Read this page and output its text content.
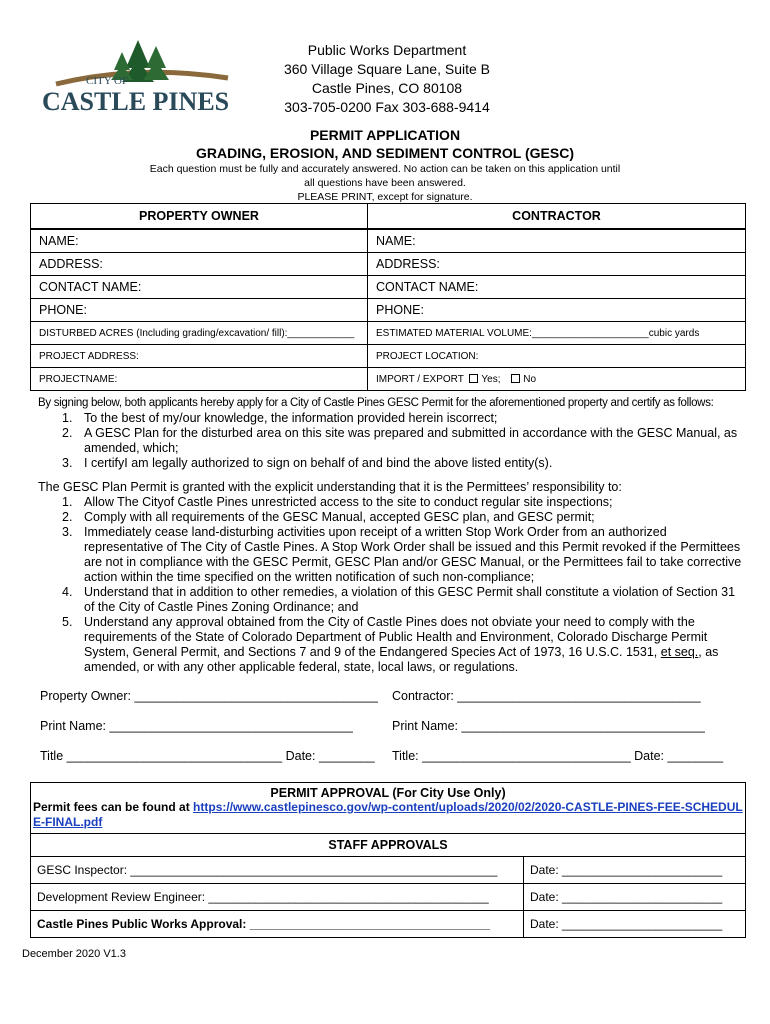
CITY OF
CASTLE PINES
Public Works Department
360 Village Square Lane, Suite B
Castle Pines, CO 80108
303-705-0200 Fax 303-688-9414
PERMIT APPLICATION
GRADING, EROSION, AND SEDIMENT CONTROL (GESC)
Each question must be fully and accurately answered. No action can be taken on this application until
all questions have been answered.
PLEASE PRINT, except for signature.
PROPERTY OWNER	CONTRACTOR
NAME:	NAME:
ADDRESS:	ADDRESS:
CONTACT NAME:	CONTACT NAME:
PHONE:	PHONE:
DISTURBED ACRES (Including grading/excavation/ fill):____________	ESTIMATED MATERIAL VOLUME:_____________________cubic yards
PROJECT ADDRESS:	PROJECT LOCATION:
PROJECTNAME:	IMPORT / EXPORT Yes; No

By signing below, both applicants hereby apply for a City of Castle Pines GESC Permit for the aforementioned property and certify as follows:

1. To the best of my/our knowledge, the information provided herein iscorrect;
2. A GESC Plan for the disturbed area on this site was prepared and submitted in accordance with the GESC Manual, as amended, which;
3. I certifyI am legally authorized to sign on behalf of and bind the above listed entity(s).

The GESC Plan Permit is granted with the explicit understanding that it is the Permittees’ responsibility to:

1. Allow The Cityof Castle Pines unrestricted access to the site to conduct regular site inspections;
2. Comply with all requirements of the GESC Manual, accepted GESC plan, and GESC permit;
3. Immediately cease land-disturbing activities upon receipt of a written Stop Work Order from an authorized representative of The City of Castle Pines. A Stop Work Order shall be issued and this Permit revoked if the Permittees are not in compliance with the GESC Permit, GESC Plan and/or GESC Manual, or the Permittees fail to take corrective action within the time specified on the written notification of such non-compliance;
4. Understand that in addition to other remedies, a violation of this GESC Permit shall constitute a violation of Section 31 of the City of Castle Pines Zoning Ordinance; and
5. Understand any approval obtained from the City of Castle Pines does not obviate your need to comply with the requirements of the State of Colorado Department of Public Health and Environment, Colorado Discharge Permit System, General Permit, and Sections 7 and 9 of the Endangered Species Act of 1973, 16 U.S.C. 1531, et seq., as amended, or with any other applicable federal, state, local laws, or regulations.
Property Owner: ___________________________________ Contractor: ___________________________________
Print Name: ___________________________________	Print Name: ___________________________________
Title _______________________________ Date: ________ Title: ______________________________ Date: ________
PERMIT APPROVAL (For City Use Only)
Permit fees can be found at https://www.castlepinesco.gov/wp-content/uploads/2020/02/2020-CASTLE-PINES-FEE-SCHEDULE-FINAL.pdf	

STAFF APPROVALS	
GESC Inspector: _______________________________________________________	Date: ________________________
Development Review Engineer: __________________________________________	Date: ________________________
Castle Pines Public Works Approval: ____________________________________	Date: ________________________
December 2020 V1.3
